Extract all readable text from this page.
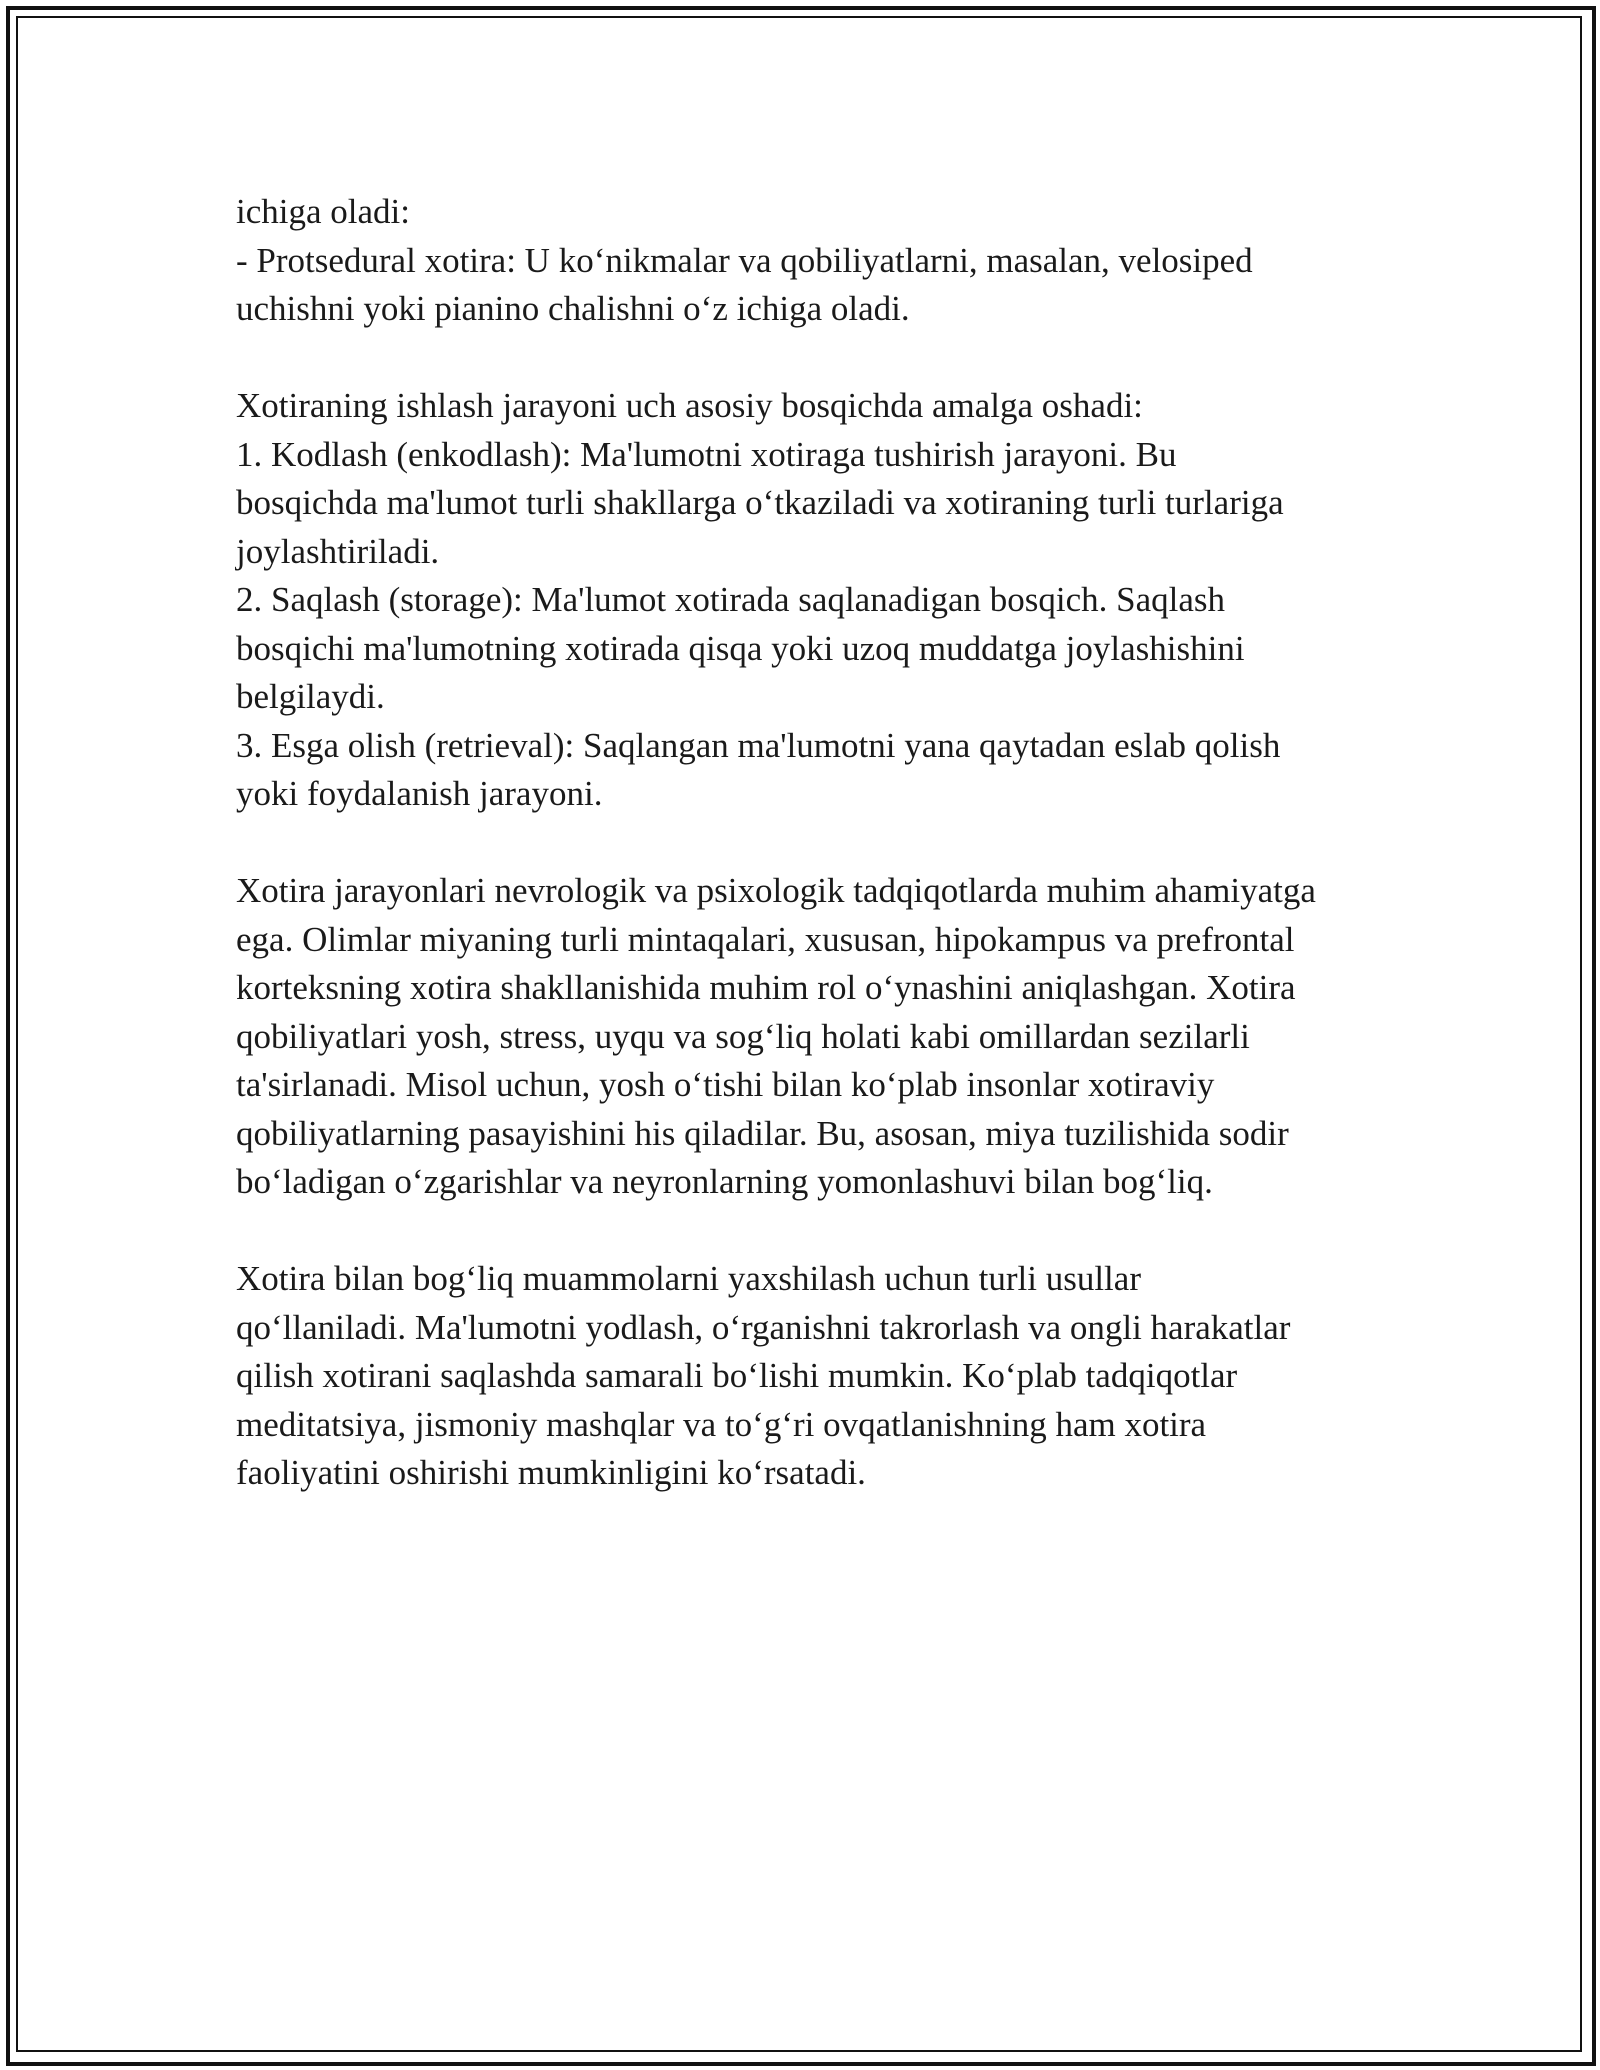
ichiga oladi:
- Protsedural xotira: U ko‘nikmalar va qobiliyatlarni, masalan, velosiped
uchishni yoki pianino chalishni o‘z ichiga oladi.
Xotiraning ishlash jarayoni uch asosiy bosqichda amalga oshadi:
1. Kodlash (enkodlash): Ma'lumotni xotiraga tushirish jarayoni. Bu
bosqichda ma'lumot turli shakllarga o‘tkaziladi va xotiraning turli turlariga
joylashtiriladi.
2. Saqlash (storage): Ma'lumot xotirada saqlanadigan bosqich. Saqlash
bosqichi ma'lumotning xotirada qisqa yoki uzoq muddatga joylashishini
belgilaydi.
3. Esga olish (retrieval): Saqlangan ma'lumotni yana qaytadan eslab qolish
yoki foydalanish jarayoni.
Xotira jarayonlari nevrologik va psixologik tadqiqotlarda muhim ahamiyatga
ega. Olimlar miyaning turli mintaqalari, xususan, hipokampus va prefrontal
korteksning xotira shakllanishida muhim rol o‘ynashini aniqlashgan. Xotira
qobiliyatlari yosh, stress, uyqu va sog‘liq holati kabi omillardan sezilarli
ta'sirlanadi. Misol uchun, yosh o‘tishi bilan ko‘plab insonlar xotiraviy
qobiliyatlarning pasayishini his qiladilar. Bu, asosan, miya tuzilishida sodir
bo‘ladigan o‘zgarishlar va neyronlarning yomonlashuvi bilan bog‘liq.
Xotira bilan bog‘liq muammolarni yaxshilash uchun turli usullar
qo‘llaniladi. Ma'lumotni yodlash, o‘rganishni takrorlash va ongli harakatlar
qilish xotirani saqlashda samarali bo‘lishi mumkin. Ko‘plab tadqiqotlar
meditatsiya, jismoniy mashqlar va to‘g‘ri ovqatlanishning ham xotira
faoliyatini oshirishi mumkinligini ko‘rsatadi.
